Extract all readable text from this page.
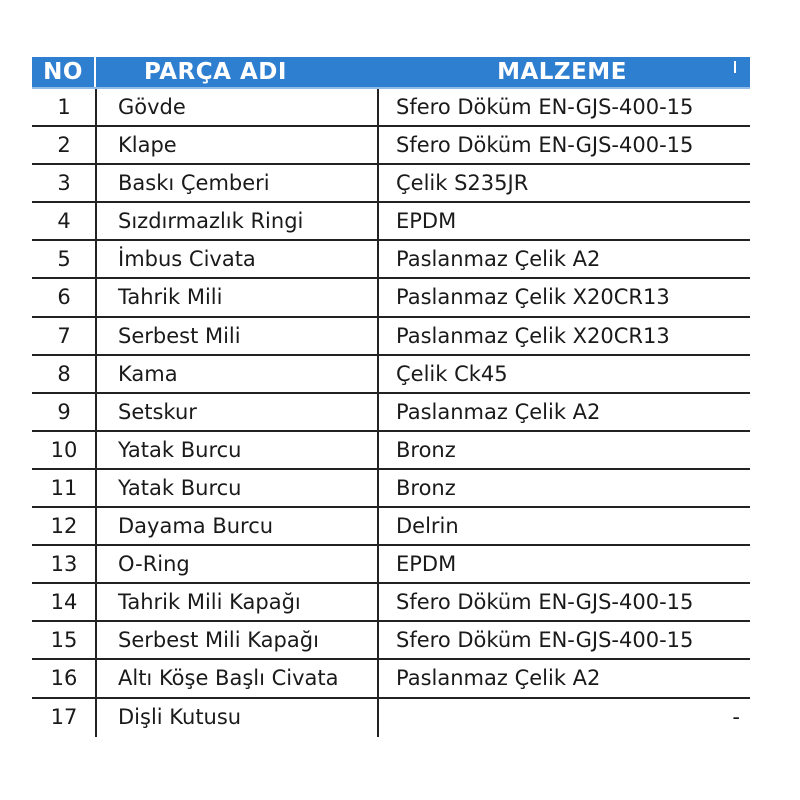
NO	PARÇA ADI	MALZEME
1	Gövde	Sfero Döküm EN-GJS-400-15
2	Klape	Sfero Döküm EN-GJS-400-15
3	Baskı Çemberi	Çelik S235JR
4	Sızdırmazlık Ringi	EPDM
5	İmbus Civata	Paslanmaz Çelik A2
6	Tahrik Mili	Paslanmaz Çelik X20CR13
7	Serbest Mili	Paslanmaz Çelik X20CR13
8	Kama	Çelik Ck45
9	Setskur	Paslanmaz Çelik A2
10	Yatak Burcu	Bronz
11	Yatak Burcu	Bronz
12	Dayama Burcu	Delrin
13	O-Ring	EPDM
14	Tahrik Mili Kapağı	Sfero Döküm EN-GJS-400-15
15	Serbest Mili Kapağı	Sfero Döküm EN-GJS-400-15
16	Altı Köşe Başlı Civata	Paslanmaz Çelik A2
17	Dişli Kutusu	-
